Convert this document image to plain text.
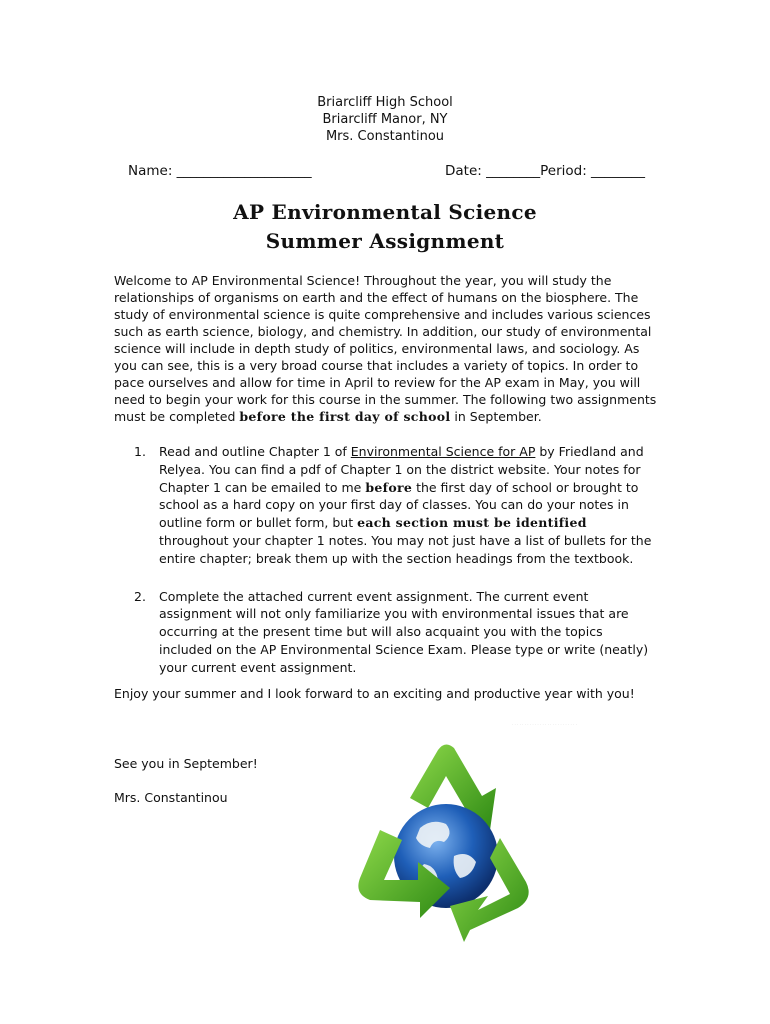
Briarcliff High School
Briarcliff Manor, NY
Mrs. Constantinou
Name: ____________________	Date: ________Period: ________
AP Environmental Science
Summer Assignment

Welcome to AP Environmental Science! Throughout the year, you will study the relationships of organisms on earth and the effect of humans on the biosphere. The study of environmental science is quite comprehensive and includes various sciences such as earth science, biology, and chemistry. In addition, our study of environmental science will include in depth study of politics, environmental laws, and sociology. As you can see, this is a very broad course that includes a variety of topics. In order to pace ourselves and allow for time in April to review for the AP exam in May, you will need to begin your work for this course in the summer. The following two assignments must be completed before the first day of school in September.

1. Read and outline Chapter 1 of Environmental Science for AP by Friedland and Relyea. You can find a pdf of Chapter 1 on the district website. Your notes for Chapter 1 can be emailed to me before the first day of school or brought to school as a hard copy on your first day of classes. You can do your notes in outline form or bullet form, but each section must be identified throughout your chapter 1 notes. You may not just have a list of bullets for the entire chapter; break them up with the section headings from the textbook.
2. Complete the attached current event assignment. The current event assignment will not only familiarize you with environmental issues that are occurring at the present time but will also acquaint you with the topics included on the AP Environmental Science Exam. Please type or write (neatly) your current event assignment.
Enjoy your summer and I look forward to an exciting and productive year with you!
· · · · · · · · · · · · · · · · · · · · · · · · · ·
See you in September!
Mrs. Constantinou
